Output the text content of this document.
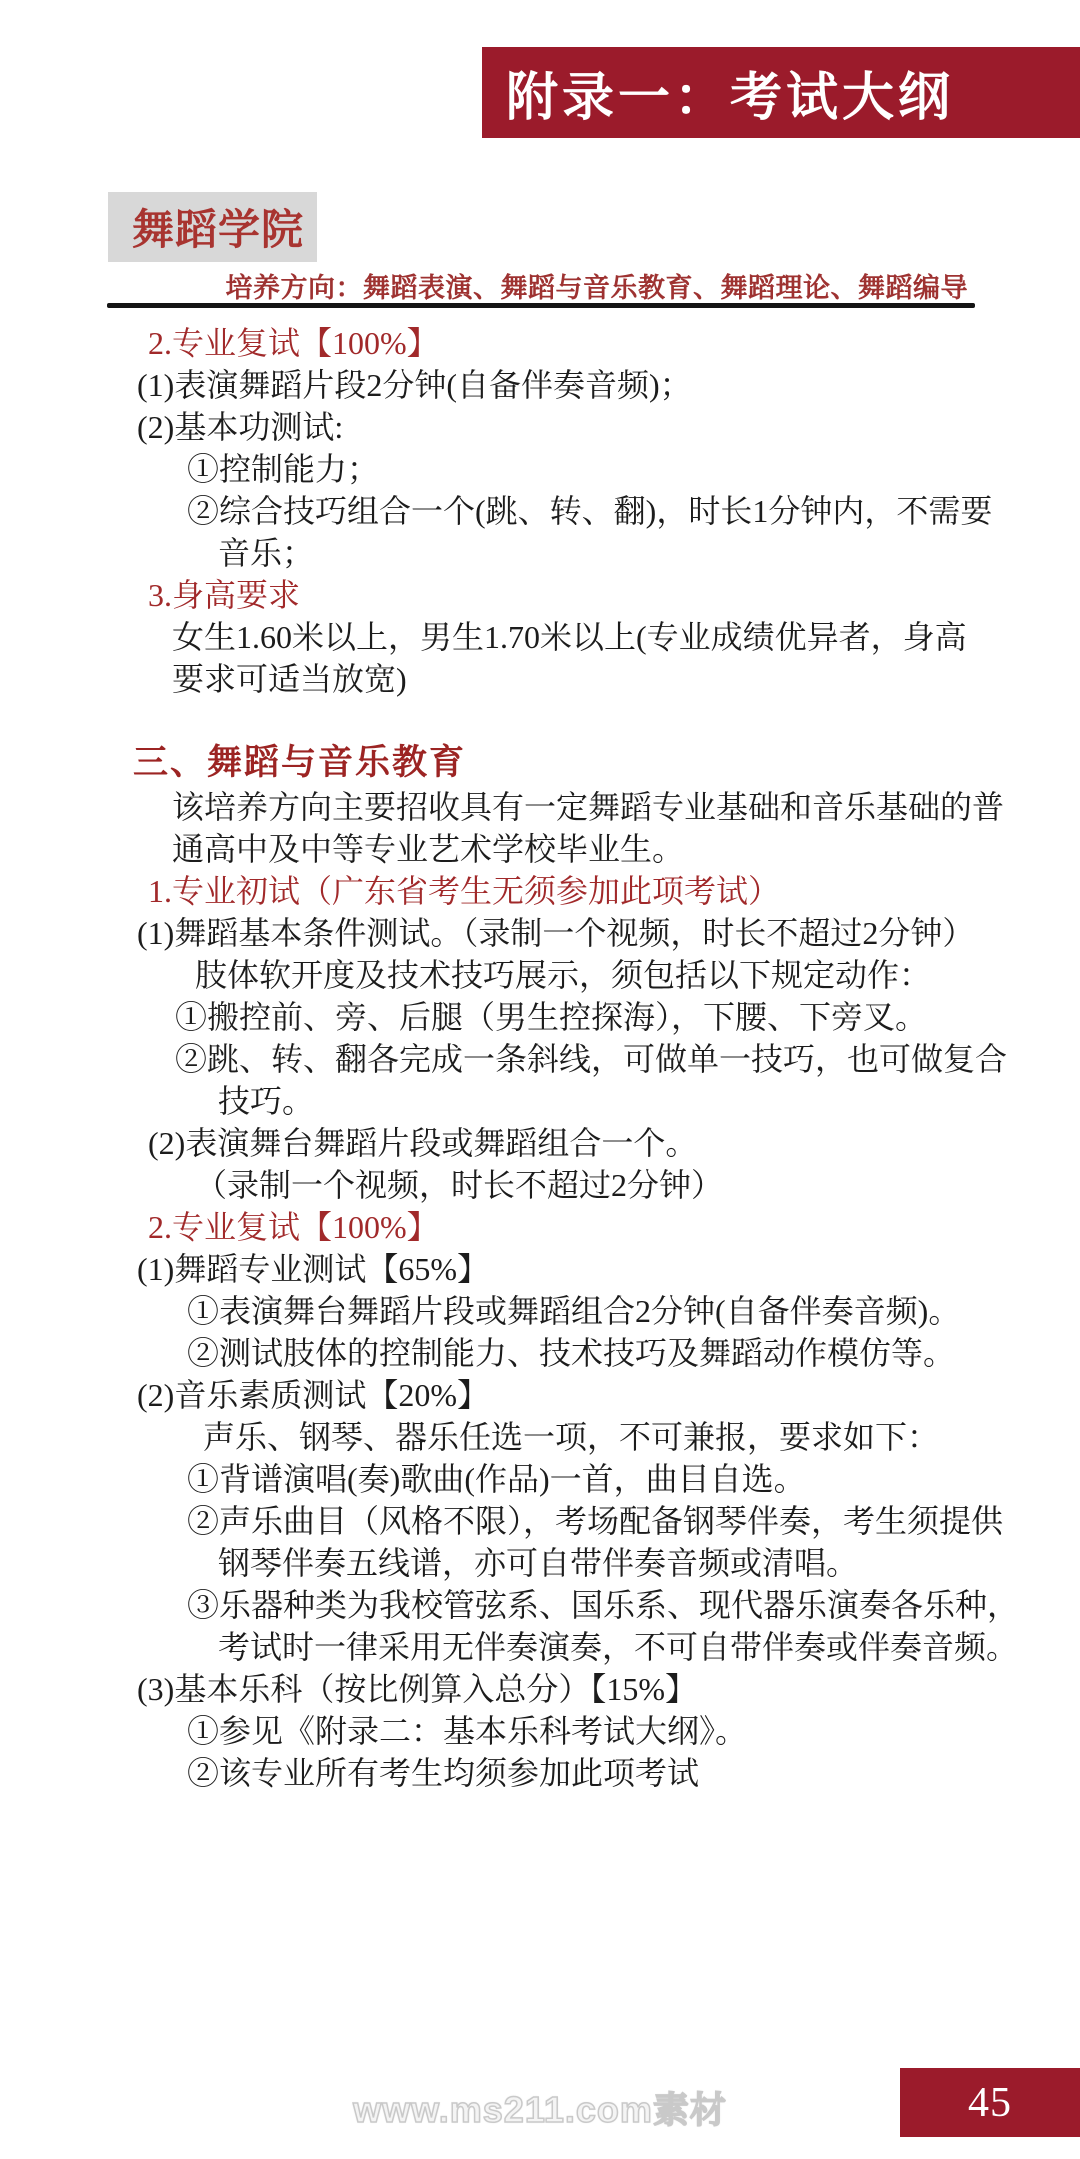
附录一：考试大纲
舞蹈学院
培养方向：舞蹈表演、舞蹈与音乐教育、舞蹈理论、舞蹈编导
2.专业复试【100%】
(1)表演舞蹈片段2分钟(自备伴奏音频)；
(2)基本功测试:
①控制能力；
②综合技巧组合一个(跳、转、翻)，时长1分钟内，不需要
音乐；
3.身高要求
女生1.60米以上，男生1.70米以上(专业成绩优异者，身高
要求可适当放宽)
三、舞蹈与音乐教育
该培养方向主要招收具有一定舞蹈专业基础和音乐基础的普
通高中及中等专业艺术学校毕业生。
1.专业初试（广东省考生无须参加此项考试）
(1)舞蹈基本条件测试。（录制一个视频，时长不超过2分钟）
肢体软开度及技术技巧展示，须包括以下规定动作：
①搬控前、旁、后腿（男生控探海），下腰、下旁叉。
②跳、转、翻各完成一条斜线，可做单一技巧，也可做复合
技巧。
(2)表演舞台舞蹈片段或舞蹈组合一个。
（录制一个视频，时长不超过2分钟）
2.专业复试【100%】
(1)舞蹈专业测试【65%】
①表演舞台舞蹈片段或舞蹈组合2分钟(自备伴奏音频)。
②测试肢体的控制能力、技术技巧及舞蹈动作模仿等。
(2)音乐素质测试【20%】
声乐、钢琴、器乐任选一项，不可兼报，要求如下：
①背谱演唱(奏)歌曲(作品)一首，曲目自选。
②声乐曲目（风格不限），考场配备钢琴伴奏，考生须提供
钢琴伴奏五线谱，亦可自带伴奏音频或清唱。
③乐器种类为我校管弦系、国乐系、现代器乐演奏各乐种，
考试时一律采用无伴奏演奏，不可自带伴奏或伴奏音频。
(3)基本乐科（按比例算入总分）【15%】
①参见《附录二：基本乐科考试大纲》。
②该专业所有考生均须参加此项考试
www.ms211.com素材	45
